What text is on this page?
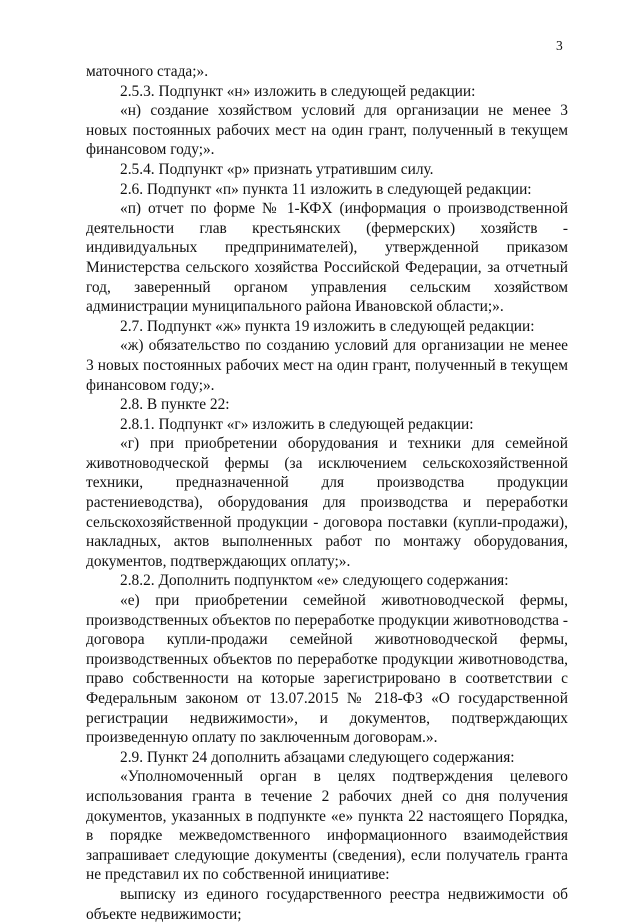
3

маточного стада;».

2.5.3. Подпункт «н» изложить в следующей редакции:

«н) создание хозяйством условий для организации не менее 3 новых постоянных рабочих мест на один грант, полученный в текущем финансовом году;».

2.5.4. Подпункт «р» признать утратившим силу.

2.6. Подпункт «п» пункта 11 изложить в следующей редакции:

«п) отчет по форме № 1-КФХ (информация о производственной деятельности глав крестьянских (фермерских) хозяйств - индивидуальных предпринимателей), утвержденной приказом Министерства сельского хозяйства Российской Федерации, за отчетный год, заверенный органом управления сельским хозяйством администрации муниципального района Ивановской области;».

2.7. Подпункт «ж» пункта 19 изложить в следующей редакции:

«ж) обязательство по созданию условий для организации не менее 3 новых постоянных рабочих мест на один грант, полученный в текущем финансовом году;».

2.8. В пункте 22:

2.8.1. Подпункт «г» изложить в следующей редакции:

«г) при приобретении оборудования и техники для семейной животноводческой фермы (за исключением сельскохозяйственной техники, предназначенной для производства продукции растениеводства), оборудования для производства и переработки сельскохозяйственной продукции - договора поставки (купли-продажи), накладных, актов выполненных работ по монтажу оборудования, документов, подтверждающих оплату;».

2.8.2. Дополнить подпунктом «е» следующего содержания:

«е) при приобретении семейной животноводческой фермы, производственных объектов по переработке продукции животноводства - договора купли-продажи семейной животноводческой фермы, производственных объектов по переработке продукции животноводства, право собственности на которые зарегистрировано в соответствии с Федеральным законом от 13.07.2015 № 218-ФЗ «О государственной регистрации недвижимости», и документов, подтверждающих произведенную оплату по заключенным договорам.».

2.9. Пункт 24 дополнить абзацами следующего содержания:

«Уполномоченный орган в целях подтверждения целевого использования гранта в течение 2 рабочих дней со дня получения документов, указанных в подпункте «е» пункта 22 настоящего Порядка, в порядке межведомственного информационного взаимодействия запрашивает следующие документы (сведения), если получатель гранта не представил их по собственной инициативе:

выписку из единого государственного реестра недвижимости об объекте недвижимости;
